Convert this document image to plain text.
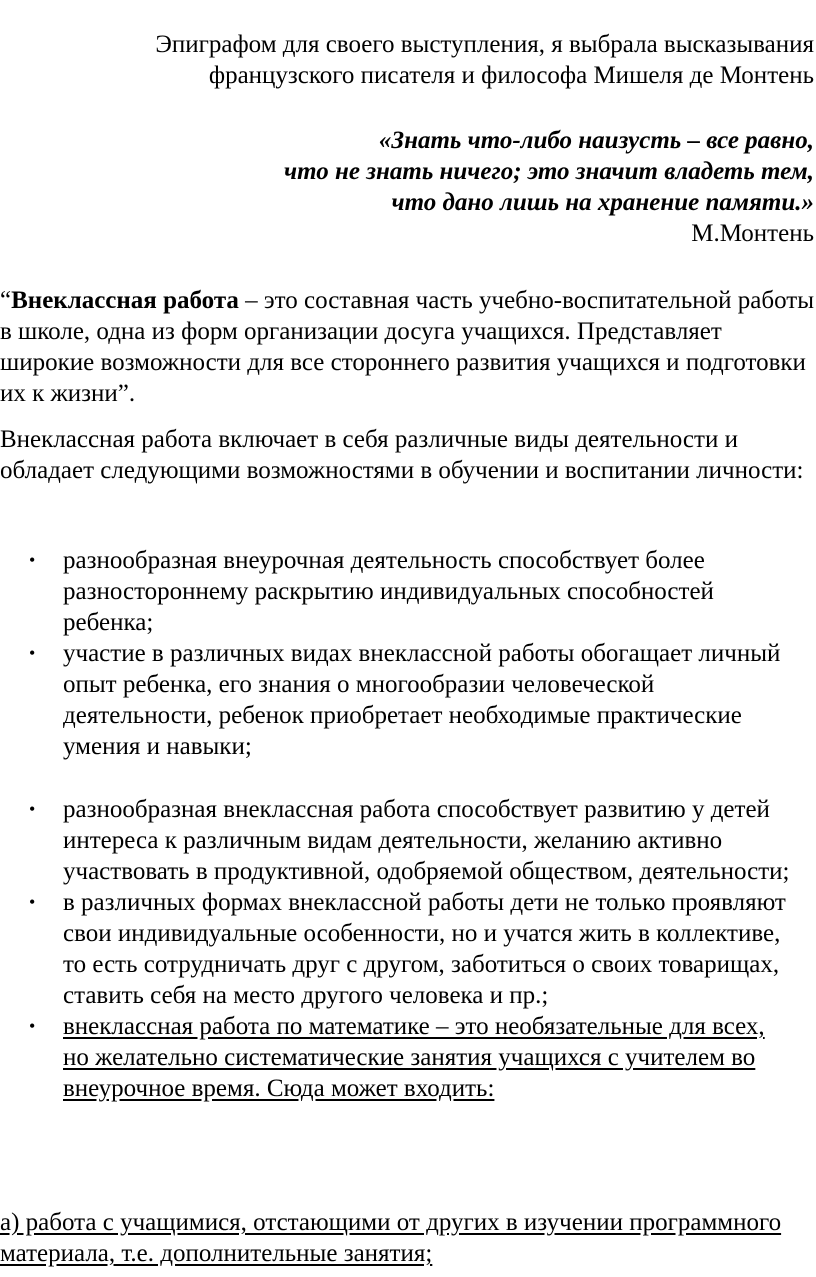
Эпиграфом для своего выступления, я выбрала высказывания
французского писателя и философа Мишеля де Монтень
«Знать что-либо наизусть – все равно,
что не знать ничего; это значит владеть тем,
что дано лишь на хранение памяти.»
М.Монтень

“Внеклассная работа – это составная часть учебно-воспитательной работы в школе, одна из форм организации досуга учащихся. Представляет широкие возможности для все стороннего развития учащихся и подготовки их к жизни”.

Внеклассная работа включает в себя различные виды деятельности и обладает следующими возможностями в обучении и воспитании личности:

• разнообразная внеурочная деятельность способствует более разностороннему раскрытию индивидуальных способностей ребенка;
• участие в различных видах внеклассной работы обогащает личный опыт ребенка, его знания о многообразии человеческой деятельности, ребенок приобретает необходимые практические умения и навыки;
• разнообразная внеклассная работа способствует развитию у детей интереса к различным видам деятельности, желанию активно участвовать в продуктивной, одобряемой обществом, деятельности;
• в различных формах внеклассной работы дети не только проявляют свои индивидуальные особенности, но и учатся жить в коллективе, то есть сотрудничать друг с другом, заботиться о своих товарищах, ставить себя на место другого человека и пр.;
• внеклассная работа по математике – это необязательные для всех, но желательно систематические занятия учащихся с учителем во внеурочное время. Сюда может входить:

а) работа с учащимися, отстающими от других в изучении программного материала, т.е. дополнительные занятия;
